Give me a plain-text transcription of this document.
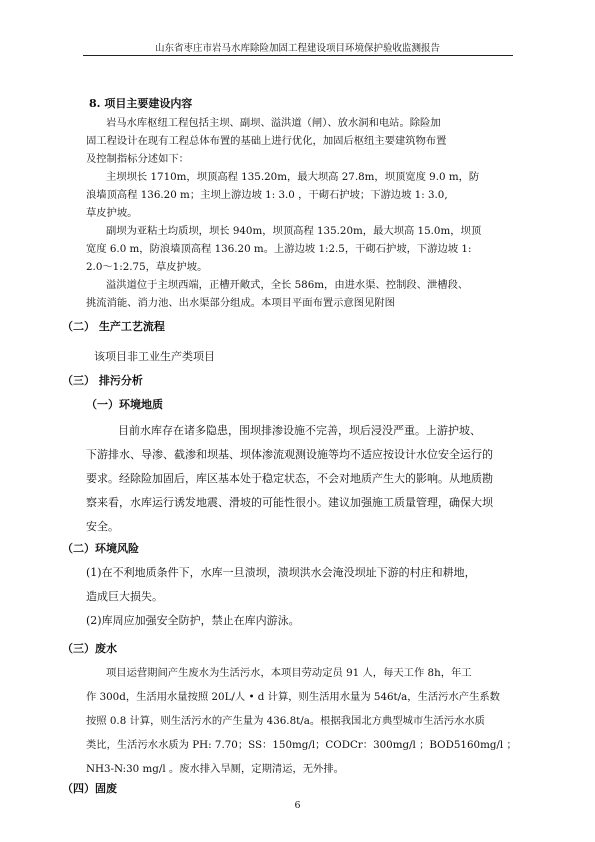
山东省枣庄市岩马水库除险加固工程建设项目环境保护验收监测报告
8. 项目主要建设内容
岩马水库枢纽工程包括主坝、副坝、溢洪道（闸）、放水洞和电站。除险加
固工程设计在现有工程总体布置的基础上进行优化，加固后枢纽主要建筑物布置
及控制指标分述如下：
主坝坝长 1710m，坝顶高程 135.20m，最大坝高 27.8m，坝顶宽度 9.0 m，防
浪墙顶高程 136.20 m；主坝上游边坡 1: 3.0 ，干砌石护坡；下游边坡 1: 3.0,
草皮护坡。
副坝为亚粘土均质坝，坝长 940m，坝顶高程 135.20m，最大坝高 15.0m，坝顶
宽度 6.0 m，防浪墙顶高程 136.20 m。上游边坡 1:2.5，干砌石护坡，下游边坡 1:
2.0～1:2.75，草皮护坡。
溢洪道位于主坝西端，正槽开敞式，全长 586m，由进水渠、控制段、泄槽段、
挑流消能、消力池、出水渠部分组成。本项目平面布置示意图见附图
（二） 生产工艺流程
该项目非工业生产类项目
（三） 排污分析
（一）环境地质
目前水库存在诸多隐患，围坝排渗设施不完善，坝后浸没严重。上游护坡、
下游排水、导渗、截渗和坝基、坝体渗流观测设施等均不适应按设计水位安全运行的
要求。经除险加固后，库区基本处于稳定状态，不会对地质产生大的影响。从地质勘
察来看，水库运行诱发地震、滑坡的可能性很小。建议加强施工质量管理，确保大坝
安全。
（二）环境风险
(1)在不利地质条件下，水库一旦溃坝，溃坝洪水会淹没坝址下游的村庄和耕地，
造成巨大损失。
(2)库周应加强安全防护，禁止在库内游泳。
（三）废水
项目运营期间产生废水为生活污水，本项目劳动定员 91 人，每天工作 8h，年工
作 300d，生活用水量按照 20L/人 • d 计算，则生活用水量为 546t/a，生活污水产生系数
按照 0.8 计算，则生活污水的产生量为 436.8t/a。根据我国北方典型城市生活污水水质
类比，生活污水水质为 PH: 7.70；SS：150mg/l；CODCr：300mg/l ；BOD5160mg/l ；
NH3-N:30 mg/l 。废水排入旱厕，定期清运，无外排。
（四）固废
6
